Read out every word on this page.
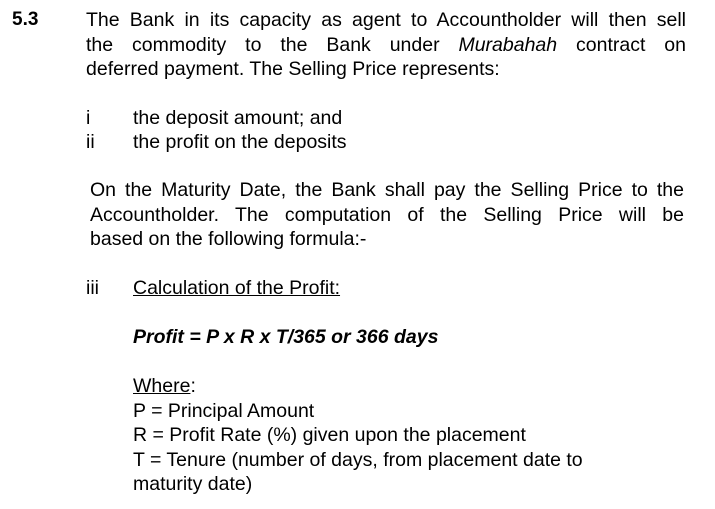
5.3 The Bank in its capacity as agent to Accountholder will then sell
the commodity to the Bank under Murabahah contract on
deferred payment. The Selling Price represents:
i the deposit amount; and
ii the profit on the deposits
On the Maturity Date, the Bank shall pay the Selling Price to the
Accountholder. The computation of the Selling Price will be
based on the following formula:-
iii Calculation of the Profit:
Profit = P x R x T/365 or 366 days
Where:
P = Principal Amount
R = Profit Rate (%) given upon the placement
T = Tenure (number of days, from placement date to
maturity date)
